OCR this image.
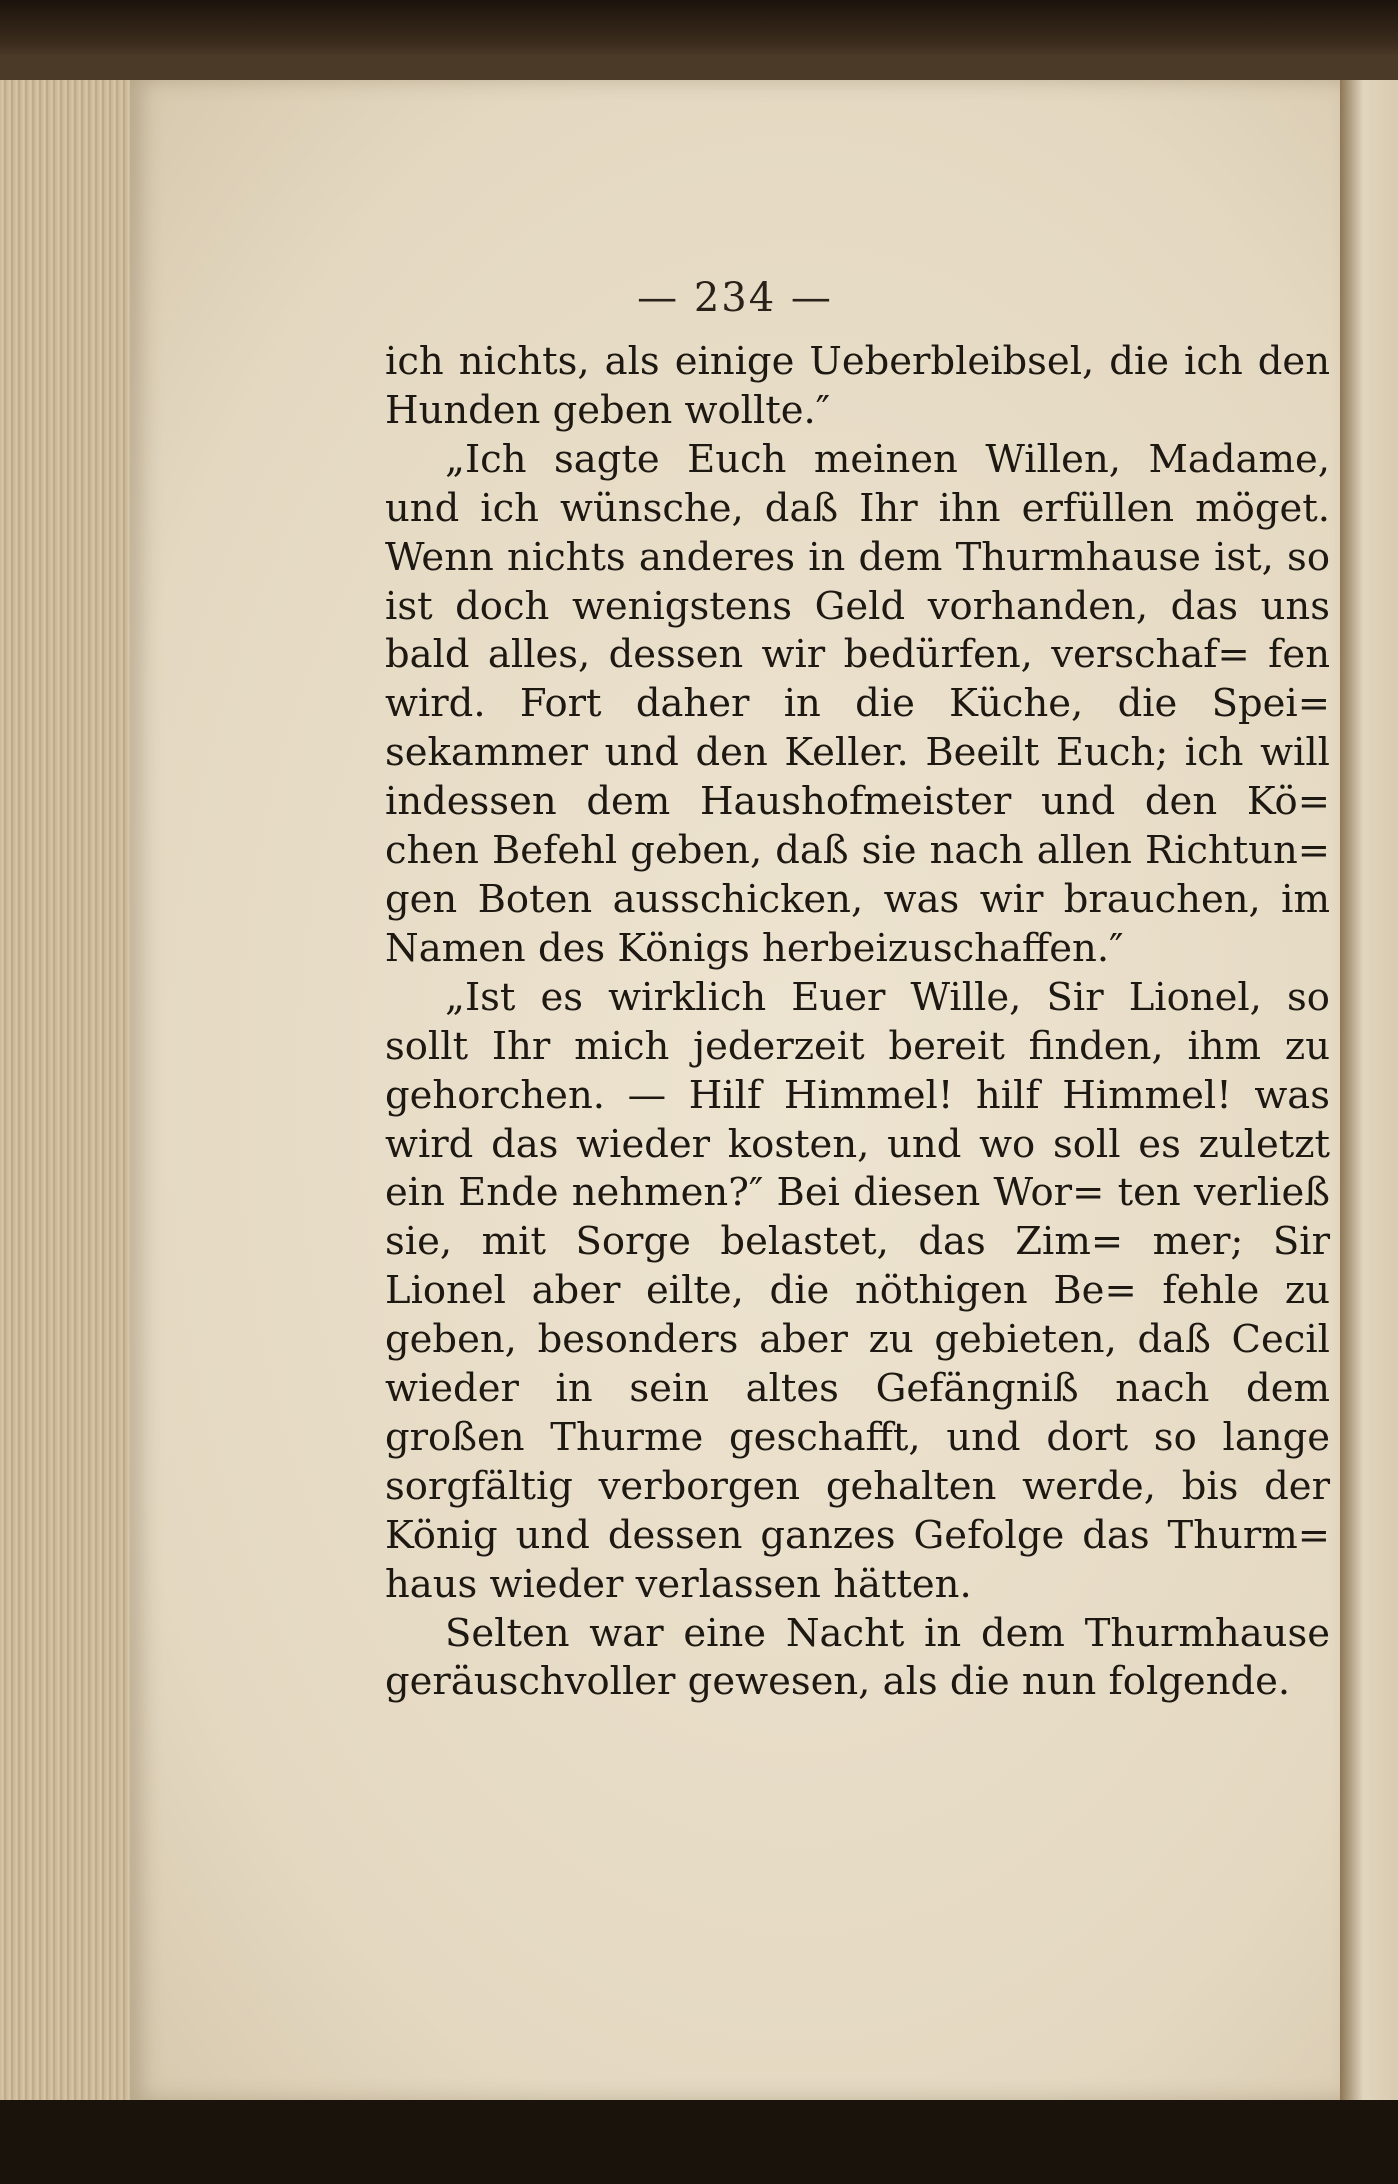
— 234 —

ich nichts, als einige Ueberbleibsel, die ich den Hunden geben wollte.″

„Ich sagte Euch meinen Willen, Madame, und ich wünsche, daß Ihr ihn erfüllen möget. Wenn nichts anderes in dem Thurmhause ist, so ist doch wenigstens Geld vorhanden, das uns bald alles, dessen wir bedürfen, verschaf= fen wird. Fort daher in die Küche, die Spei= sekammer und den Keller. Beeilt Euch; ich will indessen dem Haushofmeister und den Kö= chen Befehl geben, daß sie nach allen Richtun= gen Boten ausschicken, was wir brauchen, im Namen des Königs herbeizuschaffen.″

„Ist es wirklich Euer Wille, Sir Lionel, so sollt Ihr mich jederzeit bereit finden, ihm zu gehorchen. — Hilf Himmel! hilf Himmel! was wird das wieder kosten, und wo soll es zuletzt ein Ende nehmen?″ Bei diesen Wor= ten verließ sie, mit Sorge belastet, das Zim= mer; Sir Lionel aber eilte, die nöthigen Be= fehle zu geben, besonders aber zu gebieten, daß Cecil wieder in sein altes Gefängniß nach dem großen Thurme geschafft, und dort so lange sorgfältig verborgen gehalten werde, bis der König und dessen ganzes Gefolge das Thurm= haus wieder verlassen hätten.

Selten war eine Nacht in dem Thurmhause geräuschvoller gewesen, als die nun folgende.
